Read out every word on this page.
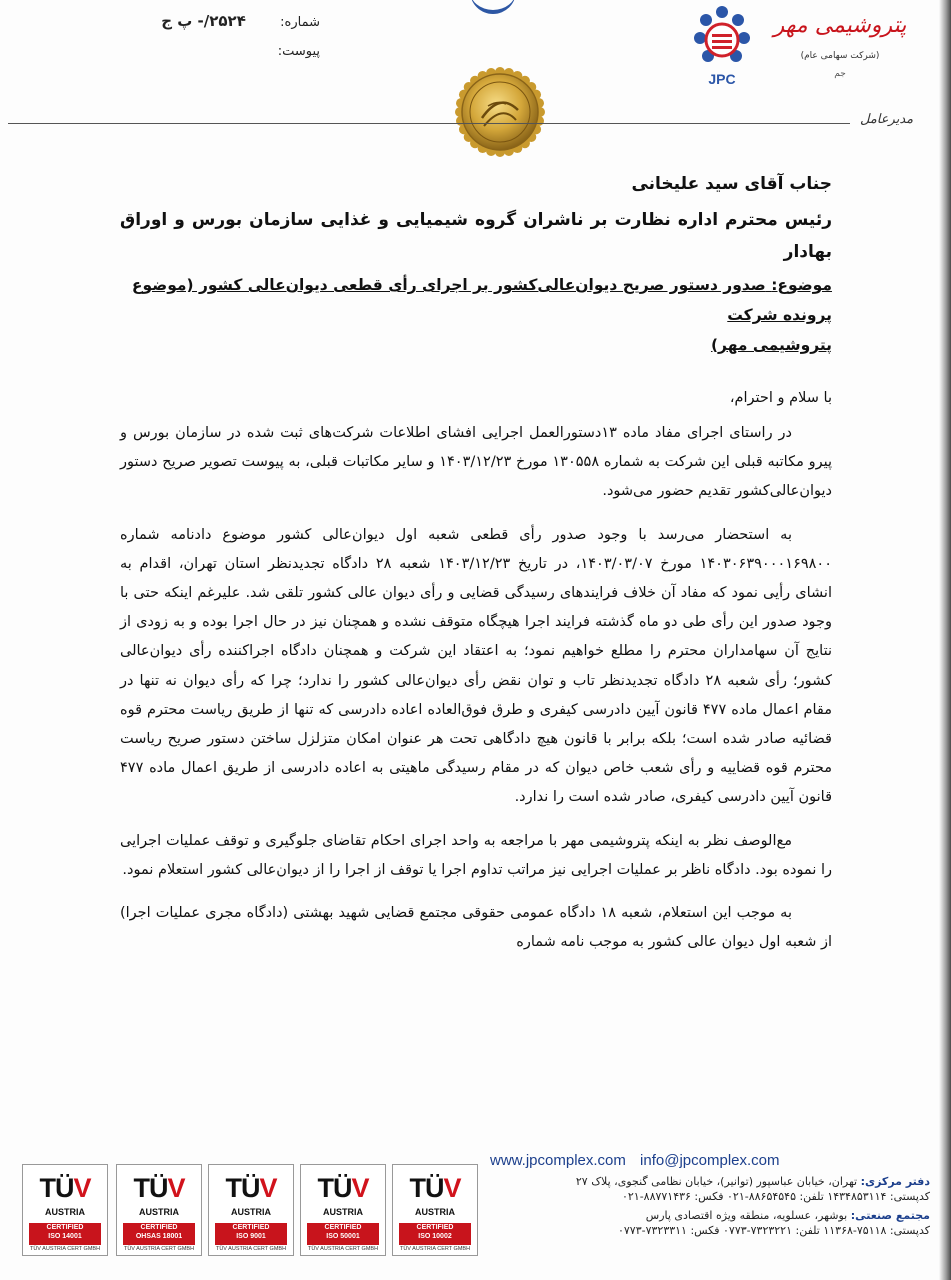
شماره: ۲۵۲۴/- پ ج
پیوست:
JPC
پتروشیمی مهر
(شرکت سهامی عام)
جم
مدیرعامل

جناب آقای سید علیخانی

رئیس محترم اداره نظارت بر ناشران گروه شیمیایی و غذایی سازمان بورس و اوراق بهادار

موضوع: صدور دستور صریح دیوان‌عالی‌کشور بر اجرای رأی قطعی دیوان‌عالی کشور (موضوع پرونده شرکت
پتروشیمی مهر)

با سلام و احترام،

در راستای اجرای مفاد ماده ۱۳دستورالعمل اجرایی افشای اطلاعات شرکت‌های ثبت شده در سازمان بورس و پیرو مکاتبه قبلی این شرکت به شماره ۱۳۰۵۵۸ مورخ ۱۴۰۳/۱۲/۲۳ و سایر مکاتبات قبلی، به پیوست تصویر صریح دستور دیوان‌عالی‌کشور تقدیم حضور می‌شود.

به استحضار می‌رسد با وجود صدور رأی قطعی شعبه اول دیوان‌عالی کشور موضوع دادنامه شماره ۱۴۰۳۰۶۳۹۰۰۰۱۶۹۸۰۰ مورخ ۱۴۰۳/۰۳/۰۷، در تاریخ ۱۴۰۳/۱۲/۲۳ شعبه ۲۸ دادگاه تجدیدنظر استان تهران، اقدام به انشای رأیی نمود که مفاد آن خلاف فرایندهای رسیدگی قضایی و رأی دیوان عالی کشور تلقی شد. علیرغم اینکه حتی با وجود صدور این رأی طی دو ماه گذشته فرایند اجرا هیچگاه متوقف نشده و همچنان نیز در حال اجرا بوده و به زودی از نتایج آن سهامداران محترم را مطلع خواهیم نمود؛ به اعتقاد این شرکت و همچنان دادگاه اجراکننده رأی دیوان‌عالی کشور؛ رأی شعبه ۲۸ دادگاه تجدیدنظر تاب و توان نقض رأی دیوان‌عالی کشور را ندارد؛ چرا که رأی دیوان نه تنها در مقام اعمال ماده ۴۷۷ قانون آیین دادرسی کیفری و طرق فوق‌العاده اعاده دادرسی که تنها از طریق ریاست محترم قوه قضائیه صادر شده است؛ بلکه برابر با قانون هیچ دادگاهی تحت هر عنوان امکان متزلزل ساختن دستور صریح ریاست محترم قوه قضاییه و رأی شعب خاص دیوان که در مقام رسیدگی ماهیتی به اعاده دادرسی از طریق اعمال ماده ۴۷۷ قانون آیین دادرسی کیفری، صادر شده است را ندارد.

مع‌الوصف نظر به اینکه پتروشیمی مهر با مراجعه به واحد اجرای احکام تقاضای جلوگیری و توقف عملیات اجرایی را نموده بود. دادگاه ناظر بر عملیات اجرایی نیز مراتب تداوم اجرا یا توقف از اجرا را از دیوان‌عالی کشور استعلام نمود.

به موجب این استعلام، شعبه ۱۸ دادگاه عمومی حقوقی مجتمع قضایی شهید بهشتی (دادگاه مجری عملیات اجرا) از شعبه اول دیوان عالی کشور به موجب نامه شماره

TÜV
AUSTRIA
CERTIFIED
ISO 14001
TÜV AUSTRIA CERT GMBH
TÜV
AUSTRIA
CERTIFIED
OHSAS 18001
TÜV AUSTRIA CERT GMBH
TÜV
AUSTRIA
CERTIFIED
ISO 9001
TÜV AUSTRIA CERT GMBH
TÜV
AUSTRIA
CERTIFIED
ISO 50001
TÜV AUSTRIA CERT GMBH
TÜV
AUSTRIA
CERTIFIED
ISO 10002
TÜV AUSTRIA CERT GMBH
www.jpcomplex.com info@jpcomplex.com
دفتر مرکزی: تهران، خیابان عباسپور (توانیر)، خیابان نظامی گنجوی، پلاک ۲۷
کدپستی: ۱۴۳۴۸۵۳۱۱۴ تلفن: ۸۸۶۵۴۵۴۵-۰۲۱ فکس: ۸۸۷۷۱۴۳۶-۰۲۱
مجتمع صنعتی: بوشهر، عسلویه، منطقه ویژه اقتصادی پارس
کدپستی: ۷۵۱۱۸-۱۱۳۶۸ تلفن: ۷۳۲۳۲۲۱-۰۷۷۳ فکس: ۷۳۲۳۳۱۱-۰۷۷۳
